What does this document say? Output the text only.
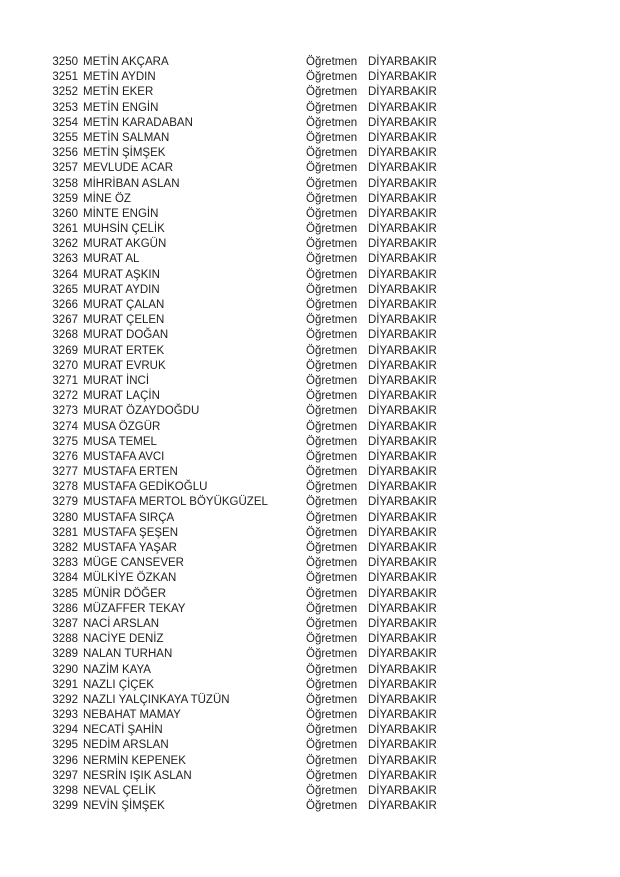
3250 METİN AKÇARA	Öğretmen DİYARBAKIR
3251 METİN AYDIN	Öğretmen DİYARBAKIR
3252 METİN EKER	Öğretmen DİYARBAKIR
3253 METİN ENGİN	Öğretmen DİYARBAKIR
3254 METİN KARADABAN	Öğretmen DİYARBAKIR
3255 METİN SALMAN	Öğretmen DİYARBAKIR
3256 METİN ŞİMŞEK	Öğretmen DİYARBAKIR
3257 MEVLUDE ACAR	Öğretmen DİYARBAKIR
3258 MİHRİBAN ASLAN	Öğretmen DİYARBAKIR
3259 MİNE ÖZ	Öğretmen DİYARBAKIR
3260 MİNTE ENGİN	Öğretmen DİYARBAKIR
3261 MUHSİN ÇELİK	Öğretmen DİYARBAKIR
3262 MURAT AKGÜN	Öğretmen DİYARBAKIR
3263 MURAT AL	Öğretmen DİYARBAKIR
3264 MURAT AŞKIN	Öğretmen DİYARBAKIR
3265 MURAT AYDIN	Öğretmen DİYARBAKIR
3266 MURAT ÇALAN	Öğretmen DİYARBAKIR
3267 MURAT ÇELEN	Öğretmen DİYARBAKIR
3268 MURAT DOĞAN	Öğretmen DİYARBAKIR
3269 MURAT ERTEK	Öğretmen DİYARBAKIR
3270 MURAT EVRUK	Öğretmen DİYARBAKIR
3271 MURAT İNCİ	Öğretmen DİYARBAKIR
3272 MURAT LAÇİN	Öğretmen DİYARBAKIR
3273 MURAT ÖZAYDOĞDU	Öğretmen DİYARBAKIR
3274 MUSA ÖZGÜR	Öğretmen DİYARBAKIR
3275 MUSA TEMEL	Öğretmen DİYARBAKIR
3276 MUSTAFA AVCI	Öğretmen DİYARBAKIR
3277 MUSTAFA ERTEN	Öğretmen DİYARBAKIR
3278 MUSTAFA GEDİKOĞLU	Öğretmen DİYARBAKIR
3279 MUSTAFA MERTOL BÖYÜKGÜZEL	Öğretmen DİYARBAKIR
3280 MUSTAFA SIRÇA	Öğretmen DİYARBAKIR
3281 MUSTAFA ŞEŞEN	Öğretmen DİYARBAKIR
3282 MUSTAFA YAŞAR	Öğretmen DİYARBAKIR
3283 MÜGE CANSEVER	Öğretmen DİYARBAKIR
3284 MÜLKİYE ÖZKAN	Öğretmen DİYARBAKIR
3285 MÜNİR DÖĞER	Öğretmen DİYARBAKIR
3286 MÜZAFFER TEKAY	Öğretmen DİYARBAKIR
3287 NACİ ARSLAN	Öğretmen DİYARBAKIR
3288 NACİYE DENİZ	Öğretmen DİYARBAKIR
3289 NALAN TURHAN	Öğretmen DİYARBAKIR
3290 NAZİM KAYA	Öğretmen DİYARBAKIR
3291 NAZLI ÇİÇEK	Öğretmen DİYARBAKIR
3292 NAZLI YALÇINKAYA TÜZÜN	Öğretmen DİYARBAKIR
3293 NEBAHAT MAMAY	Öğretmen DİYARBAKIR
3294 NECATİ ŞAHİN	Öğretmen DİYARBAKIR
3295 NEDİM ARSLAN	Öğretmen DİYARBAKIR
3296 NERMİN KEPENEK	Öğretmen DİYARBAKIR
3297 NESRİN IŞIK ASLAN	Öğretmen DİYARBAKIR
3298 NEVAL ÇELİK	Öğretmen DİYARBAKIR
3299 NEVİN ŞİMŞEK	Öğretmen DİYARBAKIR
